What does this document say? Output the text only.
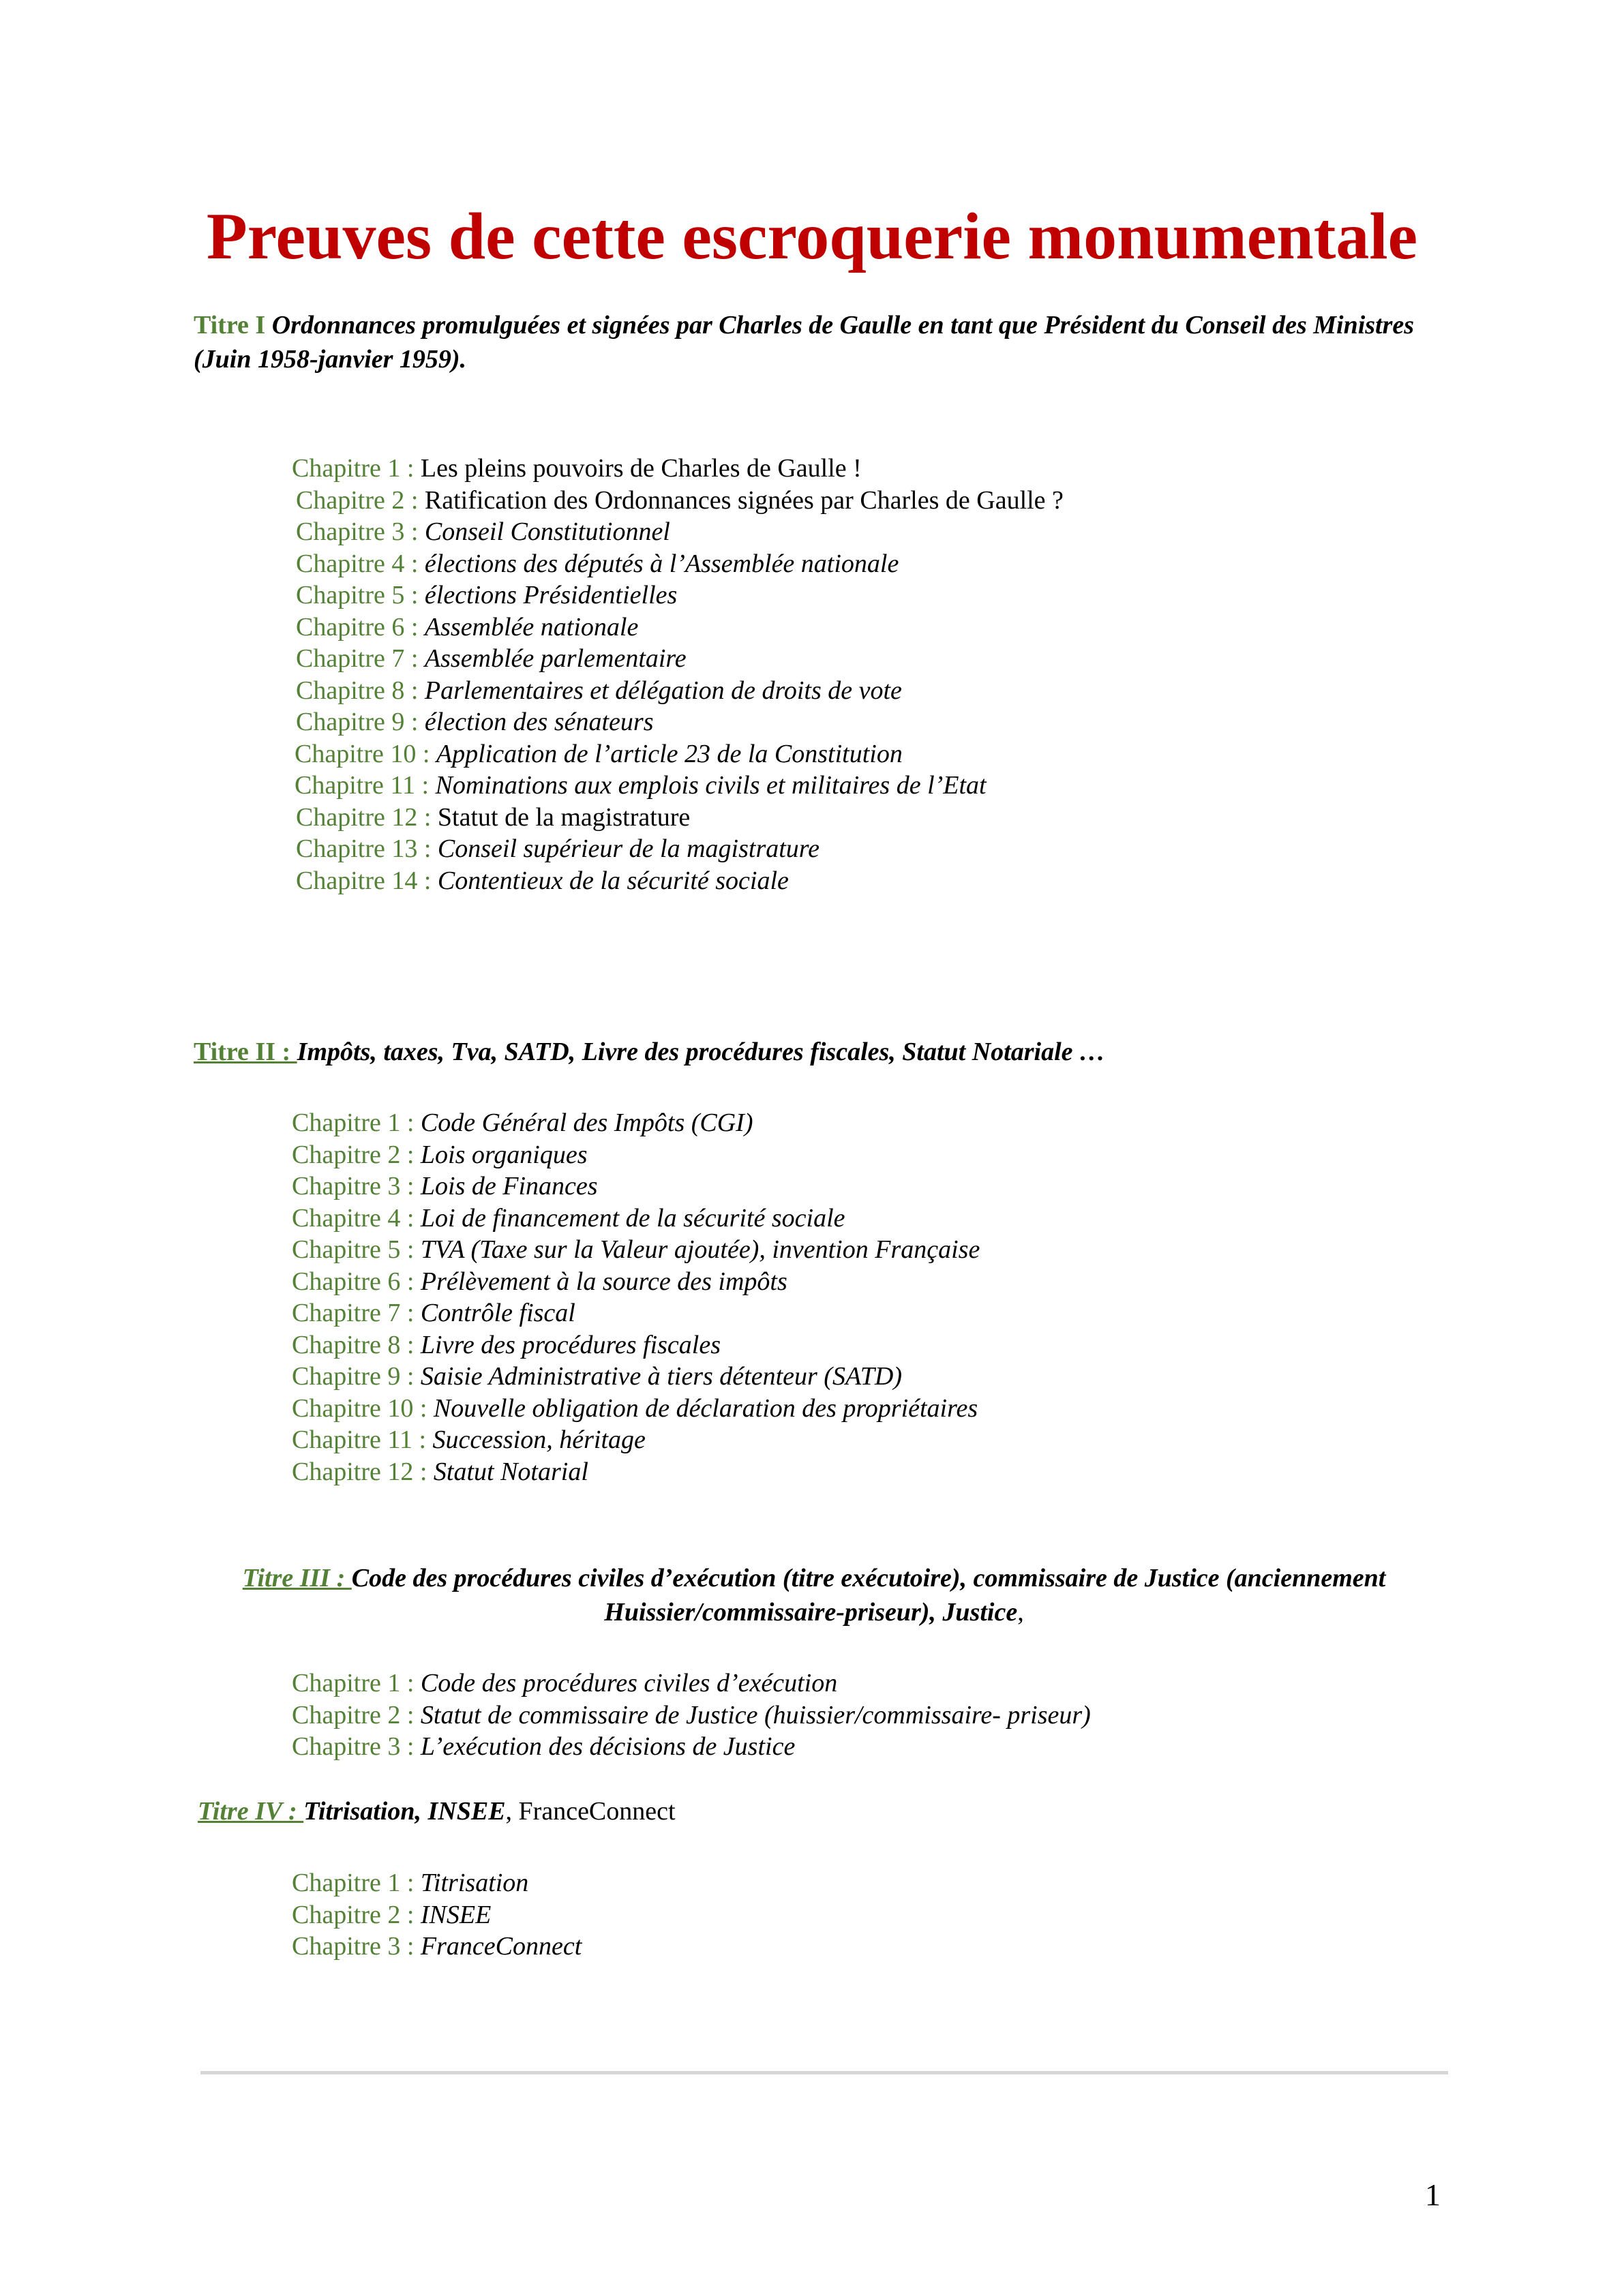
Preuves de cette escroquerie monumentale
Titre I Ordonnances promulguées et signées par Charles de Gaulle en tant que Président du Conseil des Ministres (Juin 1958-janvier 1959).
Chapitre 1 : Les pleins pouvoirs de Charles de Gaulle !
Chapitre 2 : Ratification des Ordonnances signées par Charles de Gaulle ?
Chapitre 3 : Conseil Constitutionnel
Chapitre 4 : élections des députés à l’Assemblée nationale
Chapitre 5 : élections Présidentielles
Chapitre 6 : Assemblée nationale
Chapitre 7 : Assemblée parlementaire
Chapitre 8 : Parlementaires et délégation de droits de vote
Chapitre 9 : élection des sénateurs
Chapitre 10 : Application de l’article 23 de la Constitution
Chapitre 11 : Nominations aux emplois civils et militaires de l’Etat
Chapitre 12 : Statut de la magistrature
Chapitre 13 : Conseil supérieur de la magistrature
Chapitre 14 : Contentieux de la sécurité sociale
Titre II : Impôts, taxes, Tva, SATD, Livre des procédures fiscales, Statut Notariale …
Chapitre 1 : Code Général des Impôts (CGI)
Chapitre 2 : Lois organiques
Chapitre 3 : Lois de Finances
Chapitre 4 : Loi de financement de la sécurité sociale
Chapitre 5 : TVA (Taxe sur la Valeur ajoutée), invention Française
Chapitre 6 : Prélèvement à la source des impôts
Chapitre 7 : Contrôle fiscal
Chapitre 8 : Livre des procédures fiscales
Chapitre 9 : Saisie Administrative à tiers détenteur (SATD)
Chapitre 10 : Nouvelle obligation de déclaration des propriétaires
Chapitre 11 : Succession, héritage
Chapitre 12 : Statut Notarial
Titre III : Code des procédures civiles d’exécution (titre exécutoire), commissaire de Justice (anciennement
Huissier/commissaire-priseur), Justice,
Chapitre 1 : Code des procédures civiles d’exécution
Chapitre 2 : Statut de commissaire de Justice (huissier/commissaire- priseur)
Chapitre 3 : L’exécution des décisions de Justice
Titre IV : Titrisation, INSEE, FranceConnect
Chapitre 1 : Titrisation
Chapitre 2 : INSEE
Chapitre 3 : FranceConnect
1
